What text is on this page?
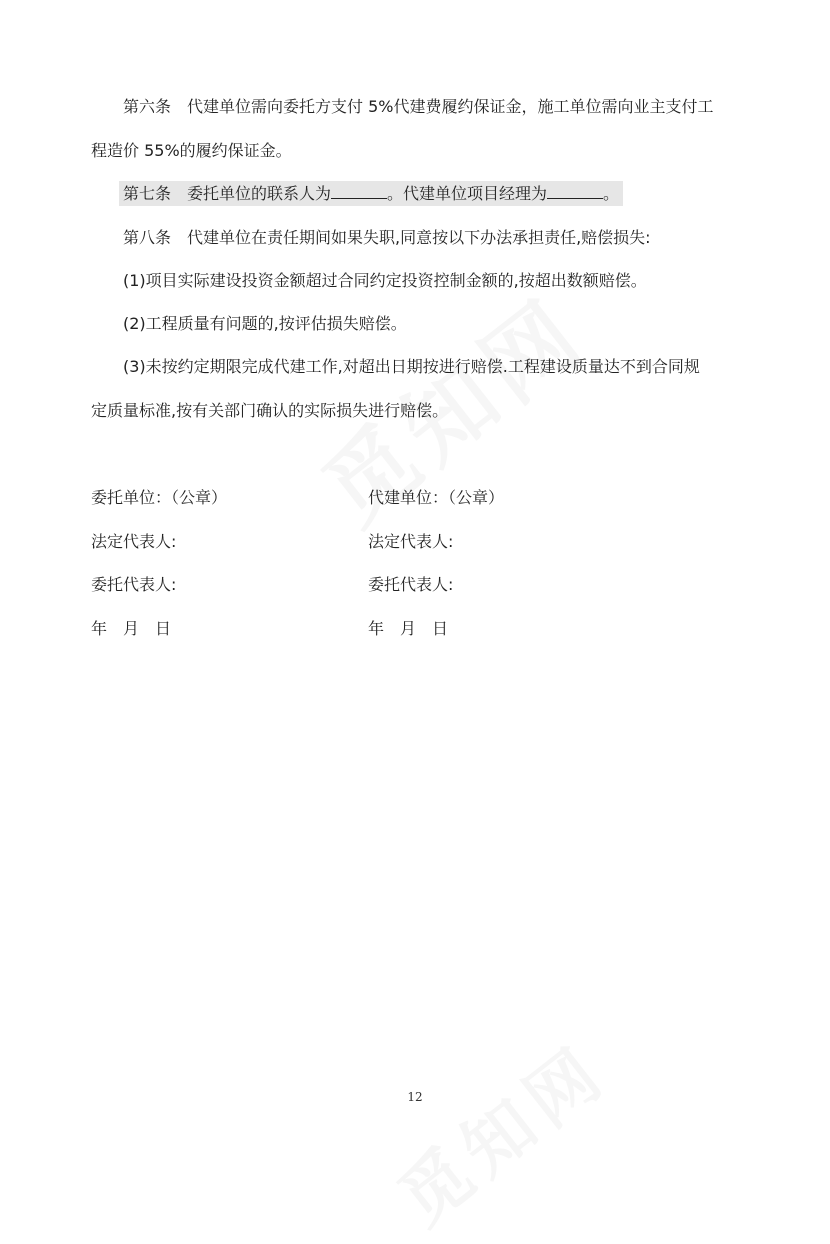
第六条　代建单位需向委托方支付 5%代建费履约保证金，施工单位需向业主支付工
程造价 55%的履约保证金。
第七条　委托单位的联系人为	。代建单位项目经理为	。
第八条　代建单位在责任期间如果失职,同意按以下办法承担责任,赔偿损失:
(1)项目实际建设投资金额超过合同约定投资控制金额的,按超出数额赔偿。
(2)工程质量有问题的,按评估损失赔偿。
(3)未按约定期限完成代建工作,对超出日期按进行赔偿.工程建设质量达不到合同规
定质量标准,按有关部门确认的实际损失进行赔偿。
委托单位：（公章）	代建单位：（公章）
法定代表人:	法定代表人:
委托代表人:	委托代表人:
年　月　日	年　月　日
12
